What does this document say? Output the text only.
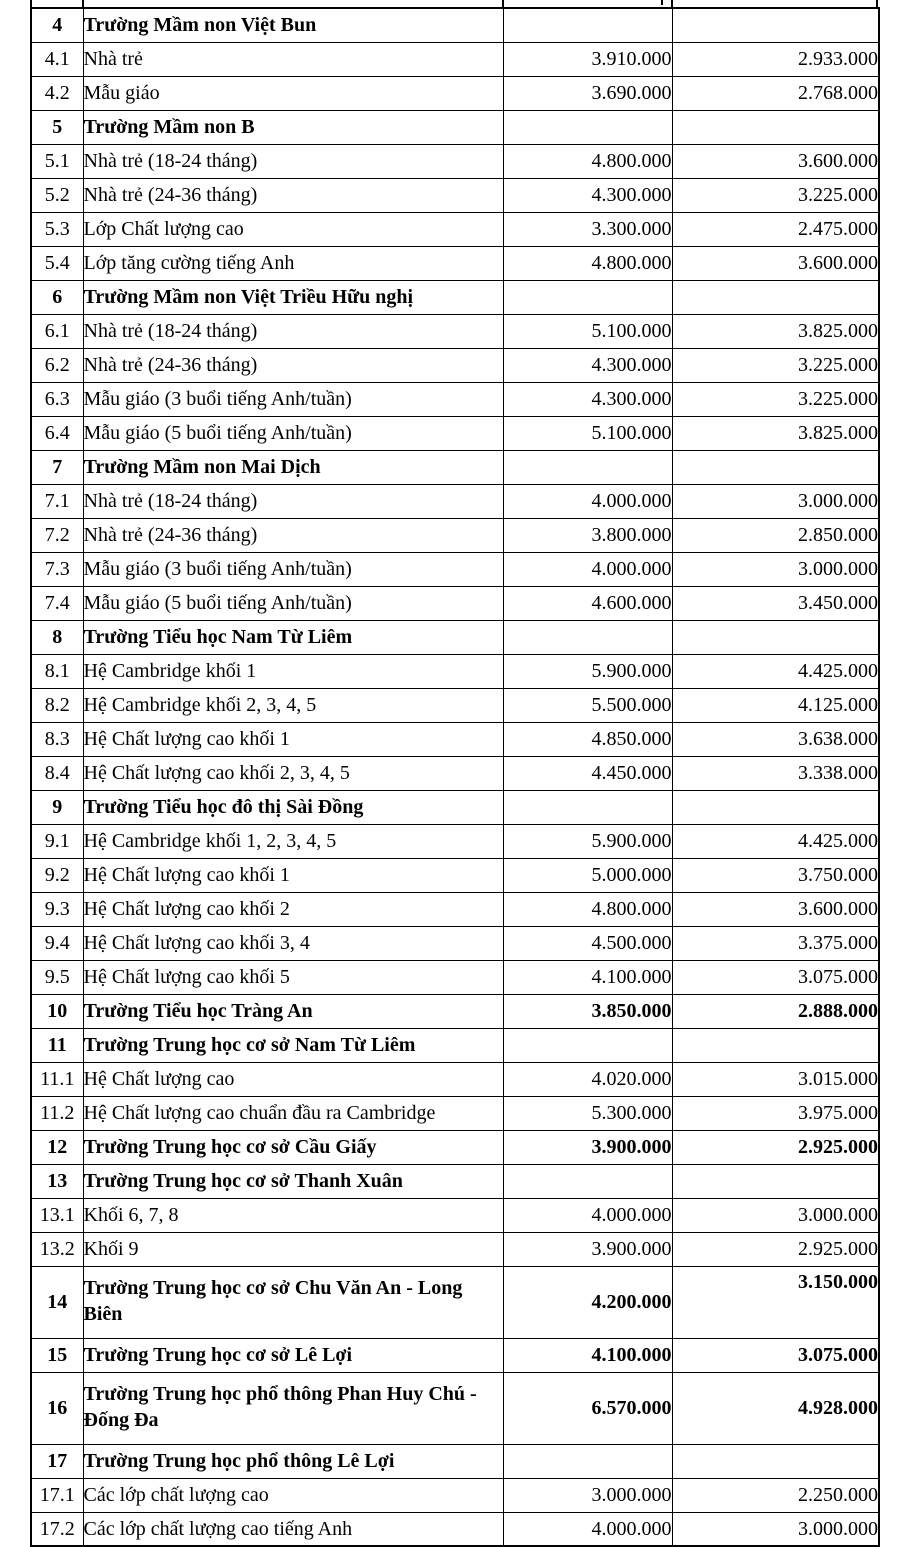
4	Trường Mầm non Việt Bun		
4.1	Nhà trẻ	3.910.000	2.933.000
4.2	Mẫu giáo	3.690.000	2.768.000
5	Trường Mầm non B		
5.1	Nhà trẻ (18-24 tháng)	4.800.000	3.600.000
5.2	Nhà trẻ (24-36 tháng)	4.300.000	3.225.000
5.3	Lớp Chất lượng cao	3.300.000	2.475.000
5.4	Lớp tăng cường tiếng Anh	4.800.000	3.600.000
6	Trường Mầm non Việt Triều Hữu nghị		
6.1	Nhà trẻ (18-24 tháng)	5.100.000	3.825.000
6.2	Nhà trẻ (24-36 tháng)	4.300.000	3.225.000
6.3	Mẫu giáo (3 buổi tiếng Anh/tuần)	4.300.000	3.225.000
6.4	Mẫu giáo (5 buổi tiếng Anh/tuần)	5.100.000	3.825.000
7	Trường Mầm non Mai Dịch		
7.1	Nhà trẻ (18-24 tháng)	4.000.000	3.000.000
7.2	Nhà trẻ (24-36 tháng)	3.800.000	2.850.000
7.3	Mẫu giáo (3 buổi tiếng Anh/tuần)	4.000.000	3.000.000
7.4	Mẫu giáo (5 buổi tiếng Anh/tuần)	4.600.000	3.450.000
8	Trường Tiểu học Nam Từ Liêm		
8.1	Hệ Cambridge khối 1	5.900.000	4.425.000
8.2	Hệ Cambridge khối 2, 3, 4, 5	5.500.000	4.125.000
8.3	Hệ Chất lượng cao khối 1	4.850.000	3.638.000
8.4	Hệ Chất lượng cao khối 2, 3, 4, 5	4.450.000	3.338.000
9	Trường Tiểu học đô thị Sài Đồng		
9.1	Hệ Cambridge khối 1, 2, 3, 4, 5	5.900.000	4.425.000
9.2	Hệ Chất lượng cao khối 1	5.000.000	3.750.000
9.3	Hệ Chất lượng cao khối 2	4.800.000	3.600.000
9.4	Hệ Chất lượng cao khối 3, 4	4.500.000	3.375.000
9.5	Hệ Chất lượng cao khối 5	4.100.000	3.075.000
10	Trường Tiểu học Tràng An	3.850.000	2.888.000
11	Trường Trung học cơ sở Nam Từ Liêm		
11.1	Hệ Chất lượng cao	4.020.000	3.015.000
11.2	Hệ Chất lượng cao chuẩn đầu ra Cambridge	5.300.000	3.975.000
12	Trường Trung học cơ sở Cầu Giấy	3.900.000	2.925.000
13	Trường Trung học cơ sở Thanh Xuân		
13.1	Khối 6, 7, 8	4.000.000	3.000.000
13.2	Khối 9	3.900.000	2.925.000
14	Trường Trung học cơ sở Chu Văn An - Long Biên	4.200.000	3.150.000
15	Trường Trung học cơ sở Lê Lợi	4.100.000	3.075.000
16	Trường Trung học phổ thông Phan Huy Chú - Đống Đa	6.570.000	4.928.000
17	Trường Trung học phổ thông Lê Lợi		
17.1	Các lớp chất lượng cao	3.000.000	2.250.000
17.2	Các lớp chất lượng cao tiếng Anh	4.000.000	3.000.000
